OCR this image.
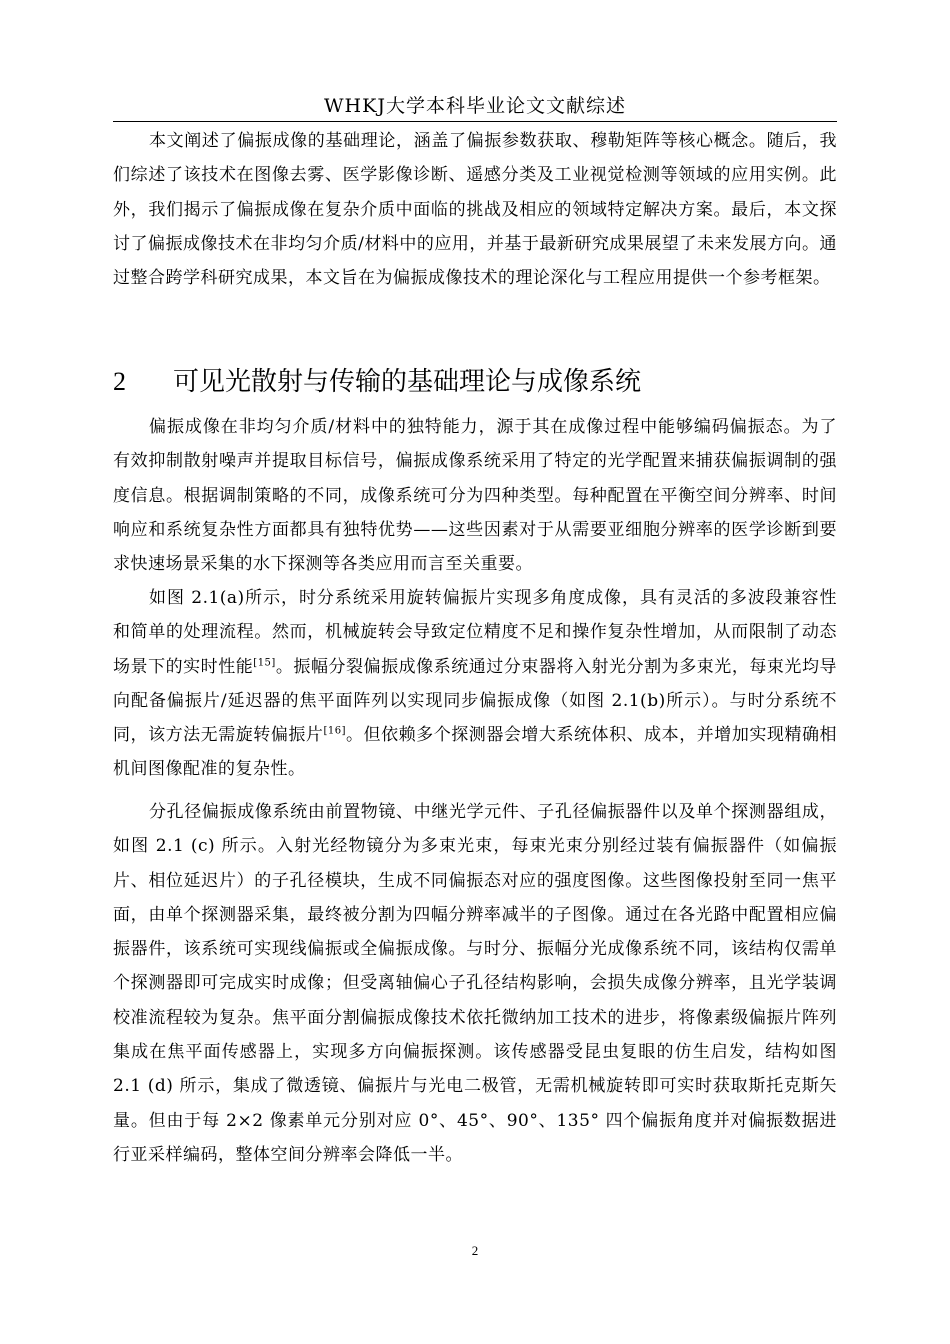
WHKJ大学本科毕业论文文献综述

本文阐述了偏振成像的基础理论，涵盖了偏振参数获取、穆勒矩阵等核心概念。随后，我们综述了该技术在图像去雾、医学影像诊断、遥感分类及工业视觉检测等领域的应用实例。此外，我们揭示了偏振成像在复杂介质中面临的挑战及相应的领域特定解决方案。最后，本文探讨了偏振成像技术在非均匀介质/材料中的应用，并基于最新研究成果展望了未来发展方向。通过整合跨学科研究成果，本文旨在为偏振成像技术的理论深化与工程应用提供一个参考框架。

2 可见光散射与传输的基础理论与成像系统

偏振成像在非均匀介质/材料中的独特能力，源于其在成像过程中能够编码偏振态。为了有效抑制散射噪声并提取目标信号，偏振成像系统采用了特定的光学配置来捕获偏振调制的强度信息。根据调制策略的不同，成像系统可分为四种类型。每种配置在平衡空间分辨率、时间响应和系统复杂性方面都具有独特优势——这些因素对于从需要亚细胞分辨率的医学诊断到要求快速场景采集的水下探测等各类应用而言至关重要。

如图 2.1(a)所示，时分系统采用旋转偏振片实现多角度成像，具有灵活的多波段兼容性和简单的处理流程。然而，机械旋转会导致定位精度不足和操作复杂性增加，从而限制了动态场景下的实时性能[15]。振幅分裂偏振成像系统通过分束器将入射光分割为多束光，每束光均导向配备偏振片/延迟器的焦平面阵列以实现同步偏振成像（如图 2.1(b)所示）。与时分系统不同，该方法无需旋转偏振片[16]。但依赖多个探测器会增大系统体积、成本，并增加实现精确相机间图像配准的复杂性。

分孔径偏振成像系统由前置物镜、中继光学元件、子孔径偏振器件以及单个探测器组成，如图 2.1 (c) 所示。入射光经物镜分为多束光束，每束光束分别经过装有偏振器件（如偏振片、相位延迟片）的子孔径模块，生成不同偏振态对应的强度图像。这些图像投射至同一焦平面，由单个探测器采集，最终被分割为四幅分辨率减半的子图像。通过在各光路中配置相应偏振器件，该系统可实现线偏振或全偏振成像。与时分、振幅分光成像系统不同，该结构仅需单个探测器即可完成实时成像；但受离轴偏心子孔径结构影响，会损失成像分辨率，且光学装调校准流程较为复杂。焦平面分割偏振成像技术依托微纳加工技术的进步，将像素级偏振片阵列集成在焦平面传感器上，实现多方向偏振探测。该传感器受昆虫复眼的仿生启发，结构如图 2.1 (d) 所示，集成了微透镜、偏振片与光电二极管，无需机械旋转即可实时获取斯托克斯矢量。但由于每 2×2 像素单元分别对应 0°、45°、90°、135° 四个偏振角度并对偏振数据进行亚采样编码，整体空间分辨率会降低一半。

2
